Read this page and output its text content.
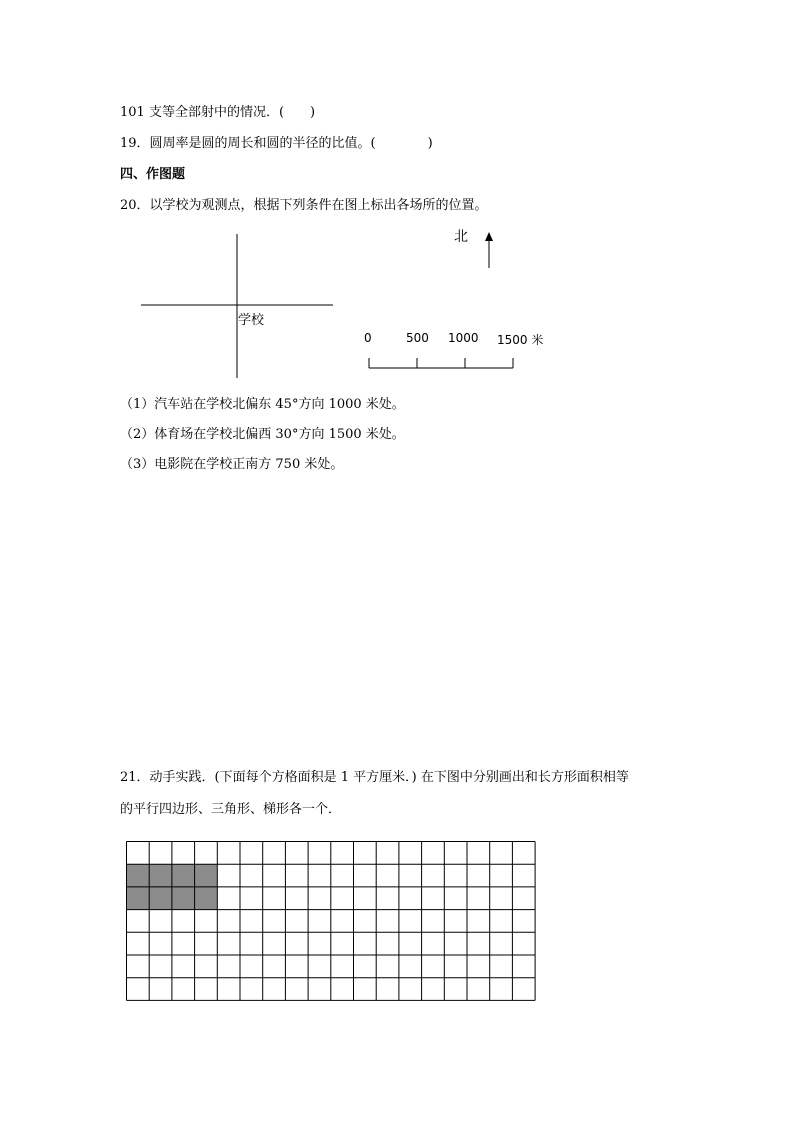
101 支等全部射中的情况．(　　)
19．圆周率是圆的周长和圆的半径的比值。(　　　　)
四、作图题
20．以学校为观测点，根据下列条件在图上标出各场所的位置。
学校
北
0	500 1000 1500 米
（1）汽车站在学校北偏东 45°方向 1000 米处。
（2）体育场在学校北偏西 30°方向 1500 米处。
（3）电影院在学校正南方 750 米处。
21．动手实践．(下面每个方格面积是 1 平方厘米．) 在下图中分别画出和长方形面积相等
的平行四边形、三角形、梯形各一个．
